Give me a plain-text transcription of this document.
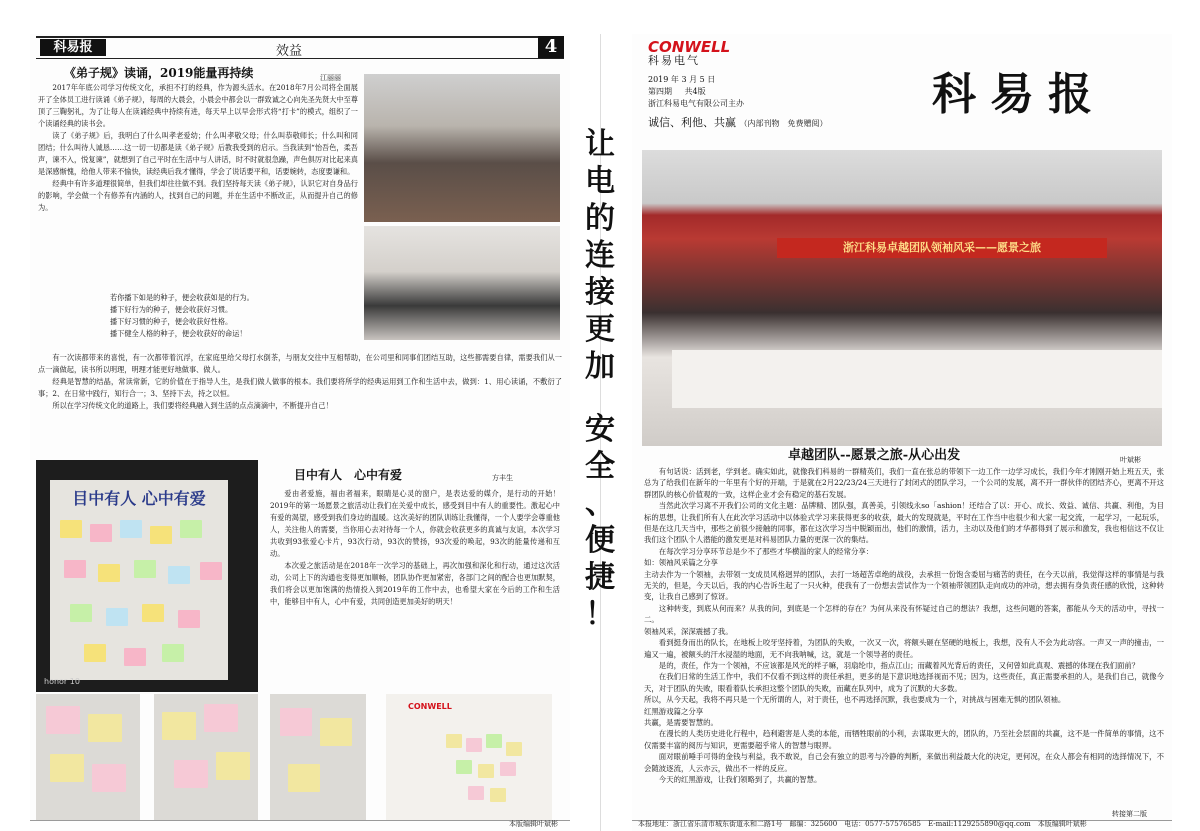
科易报	效益	4
《弟子规》读诵，2019能量再持续	江丽丽

2017年年底公司学习传统文化，承担不打的经典，作为源头活水。在2018年7月公司将全面展开了全体员工进行读诵《弟子规》，每周的大晨会，小晨会中都会以一群致诚之心向先圣先贤大中至尊顶了三鞠躬礼，为了让每人在读诵经典中持续有进，每天早上以早会形式将“打卡”的模式，组织了一个读诵经典的读书会。

读了《弟子规》后，我明白了什么叫孝老爱幼；什么叫孝敬父母；什么叫恭敬师长；什么叫和同团结；什么叫待人诚恳……这一切一切都是读《弟子规》后教我受到的启示。当我读到“怡吾色，柔吾声，谏不入，悦复谏”，就想到了自己平时在生活中与人讲话，时不时就很急躁，声色俱厉对比起来真是深感惭愧，给他人带来不愉快，读经典后我才懂得，学会了说话要平和，话要婉转，态度要谦和。

经典中有许多道理很简单，但我们却往往做不到。我们坚持每天读《弟子规》，认识它对自身品行的影响，学会做一个有修养有内涵的人，找到自己的问题，并在生活中不断改正，从而提升自己的修为。

若你播下如是的种子，便会收获如是的行为。
播下好行为的种子，便会收获好习惯。
播下好习惯的种子，便会收获好性格。
播下健全人格的种子，便会收获好的命运！

有一次读都带来的喜悦，有一次都带着沉浮，在家庭里给父母打水倒茶，与朋友交往中互相帮助，在公司里和同事们团结互助，这些都需要自律，需要我们从一点一滴做起，读书所以明理，明理才能更好地做事、做人。

经典是智慧的结晶，常读常新，它的价值在于指导人生，是我们做人做事的根本。我们要将所学的经典运用到工作和生活中去，做到：1、用心读诵，不敷衍了事；2、在日常中践行，知行合一；3、坚持下去，持之以恒。

所以在学习传统文化的道路上，我们要将经典融入到生活的点点滴滴中，不断提升自己！

目中有人 心中有爱
honor 10
目中有人　心中有爱	方丰生

爱由者爱施，福由者福来，眼睛是心灵的窗户，是表达爱的媒介，是行动的开始！2019年的第一场愿景之旅活动让我们在关爱中成长，感受到目中有人的重要性。激起心中有爱的渴望，感受到我们身边的温暖。这次美好的团队训练让我懂得，一个人要学会尊重他人，关注他人的需要，当你用心去对待每一个人，你就会收获更多的真诚与友谊，本次学习共收到93张爱心卡片，93次行动，93次的赞扬，93次爱的唤起，93次的能量传递和互动。

本次爱之旅活动是在2018年一次学习的基础上，再次加强和深化和行动，通过这次活动，公司上下的沟通也变得更加顺畅，团队协作更加紧密，各部门之间的配合也更加默契，我们将会以更加饱满的热情投入到2019年的工作中去，也希望大家在今后的工作和生活中，能够目中有人，心中有爱，共同创造更加美好的明天！

CONWELL
本版编辑叶斌彬
让
电
的
连
接
更
加
安
全
、
便
捷
！
CONWELL
科易电气
科易报
2019 年 3 月 5 日
第四期 共4版
浙江科易电气有限公司主办
诚信、利他、共赢 （内部刊物　免费赠阅）
浙江科易卓越团队领袖风采——愿景之旅
卓越团队--愿景之旅-从心出发	叶斌彬

有句话说：活到老，学到老。确实如此，就像我们科易的一群精英们，我们一直在张总的带领下一边工作一边学习成长，我们今年才刚刚开始上班五天，张总为了给我们在新年的一年里有个好的开端，于是就在2月22/23/24三天进行了封闭式的团队学习，一个公司的发展，离不开一群伙伴的团结齐心，更离不开这群团队的核心价值观的一致，这样企业才会有稳定的基石发展。

当然此次学习离不开我们公司的文化主题：品牌精、团队强，真善美，引领线永so「ashion！还结合了以：开心、成长、效益、诚信、共赢、利他，为目标的思想，让我们所有人在此次学习活动中以体验式学习来获得更多的收获，最大的发现就是，平时在工作当中也很少和大家一起交流，一起学习，一起玩乐，但是在这几天当中，那些之前很少接触的同事，都在这次学习当中脱颖而出，他们的激情，活力，主动以及他们的才华都得到了展示和激发，我也相信这不仅让我们这个团队个人潜能的激发更是对科易团队力量的更深一次的集结。

在每次学习分享环节总是少不了那些才华横溢的家人的经常分享：

如：领袖风采篇之分享

主动去作为一个领袖，去带领一支成员风格迥异的团队，去打一场超苦卓绝的战役，去承担一份饱含委屈与痛苦的责任，在今天以前，我觉得这样的事情是与我无关的，但是，今天以后，我的内心告诉生起了一只火种，使我有了一份想去尝试作为一个领袖带领团队走向成功的冲动，想去拥有身负责任感的欣悦，这种转变，让我自己感到了惊讶。

这种转变，到底从何而来？从我的问，到底是一个怎样的存在？为何从来没有怀疑过自己的想法？我想，这些问题的答案，都能从今天的活动中，寻找一二。

领袖风采，深深震撼了我。

看到挺身而出的队长，在地板上咬牙坚持着，为团队的失败，一次又一次，将额头砸在坚硬的地板上，我想，没有人不会为此动容。一声又一声的撞击，一遍又一遍，被额头的汗水浸湿的地面，无不向我呐喊，这，就是一个领导者的责任。

是的，责任，作为一个领袖，不应该都是风光的样子嘛，羽扇纶巾，指点江山；而藏着风光背后的责任，又何曾如此真观、震撼的体现在我们面前？

在我们日常的生活工作中，我们不仅看不到这样的责任承担，更多的是下意识地选择视而不见；因为，这些责任，真正需要承担的人，是我们自己，就像今天，对于团队的失败，眼看着队长承担这整个团队的失败，而藏在队列中，成为了沉默的大多数。

所以，从今天起，我将不再只是一个无所谓的人，对于责任，也不再选择沉默，我也要成为一个，对挑战与困难无惧的团队领袖。

红黑游戏篇之分享

共赢，是需要智慧的。

在漫长的人类历史进化行程中，趋利避害是人类的本能，而牺牲眼前的小利，去谋取更大的，团队的，乃至社会层面的共赢，这不是一件简单的事情，这不仅需要丰富的阅历与知识，更需要超乎常人的智慧与眼界。

面对眼前唾手可得的金钱与利益，我不敢说，自己会有独立的思考与冷静的判断，来做出利益最大化的决定，更何况，在众人都会有相同的选择情况下，不会随波逐流，人云亦云，做出不一样的反应。

今天的红黑游戏，让我们领略到了，共赢的智慧。

转接第二版
本报地址：浙江省乐清市城东街道永和二路1号　邮编：325600　电话：0577-57576585　E-mail:1129255890@qq.com　本版编辑叶斌彬
